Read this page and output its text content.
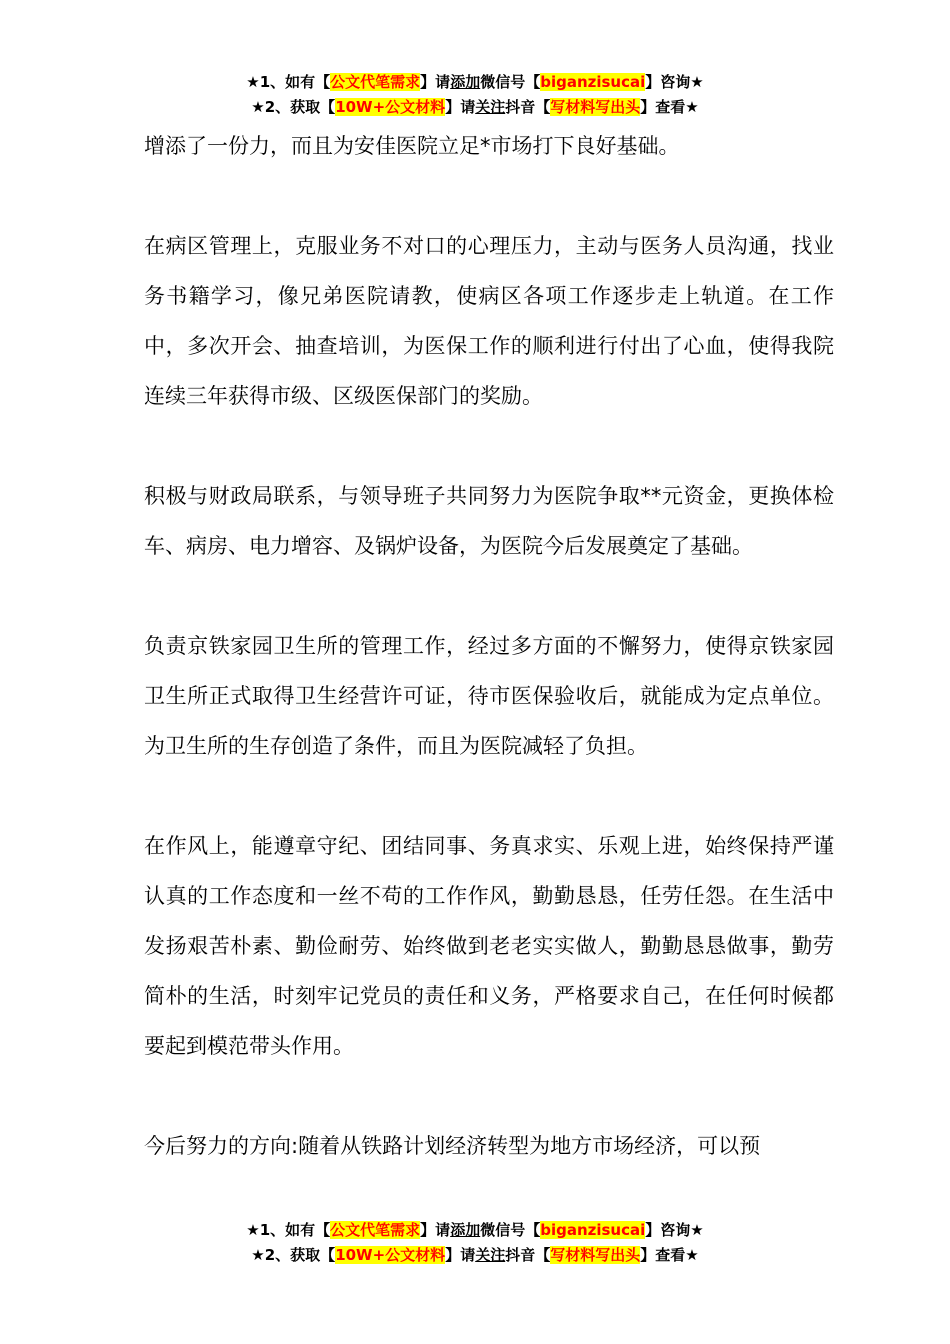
★1、如有【公文代笔需求】请添加微信号【biganzisucai】咨询★
★2、获取【10W+公文材料】请关注抖音【写材料写出头】查看★

增添了一份力，而且为安佳医院立足*市场打下良好基础。

在病区管理上，克服业务不对口的心理压力，主动与医务人员沟通，找业务书籍学习，像兄弟医院请教，使病区各项工作逐步走上轨道。在工作中，多次开会、抽查培训，为医保工作的顺利进行付出了心血，使得我院连续三年获得市级、区级医保部门的奖励。

积极与财政局联系，与领导班子共同努力为医院争取**元资金，更换体检车、病房、电力增容、及锅炉设备，为医院今后发展奠定了基础。

负责京铁家园卫生所的管理工作，经过多方面的不懈努力，使得京铁家园卫生所正式取得卫生经营许可证，待市医保验收后，就能成为定点单位。为卫生所的生存创造了条件，而且为医院减轻了负担。

在作风上，能遵章守纪、团结同事、务真求实、乐观上进，始终保持严谨认真的工作态度和一丝不苟的工作作风，勤勤恳恳，任劳任怨。在生活中发扬艰苦朴素、勤俭耐劳、始终做到老老实实做人，勤勤恳恳做事，勤劳简朴的生活，时刻牢记党员的责任和义务，严格要求自己，在任何时候都要起到模范带头作用。

今后努力的方向:随着从铁路计划经济转型为地方市场经济，可以预

★1、如有【公文代笔需求】请添加微信号【biganzisucai】咨询★
★2、获取【10W+公文材料】请关注抖音【写材料写出头】查看★
